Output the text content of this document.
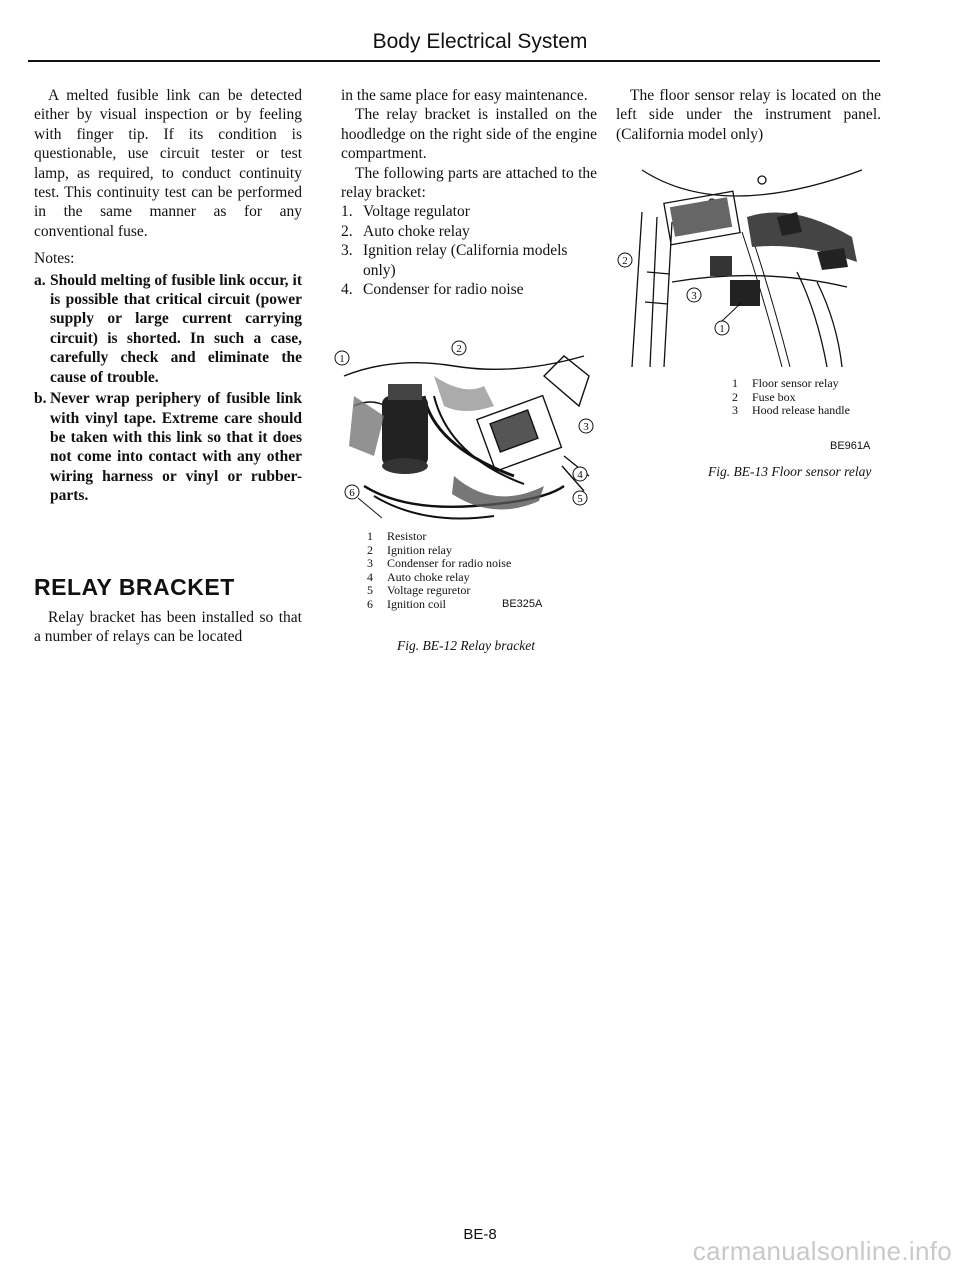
Body Electrical System

A melted fusible link can be detected either by visual inspection or by feeling with finger tip. If its condition is questionable, use circuit tester or test lamp, as required, to conduct continuity test. This continuity test can be performed in the same manner as for any conventional fuse.

Notes:

a. Should melting of fusible link occur, it is possible that critical circuit (power supply or large current carrying circuit) is shorted. In such a case, carefully check and eliminate the cause of trouble.
b. Never wrap periphery of fusible link with vinyl tape. Extreme care should be taken with this link so that it does not come into contact with any other wiring harness or vinyl or rubber-parts.
RELAY BRACKET
Relay bracket has been installed so that a number of relays can be located

in the same place for easy maintenance.

The relay bracket is installed on the hoodledge on the right side of the engine compartment.

The following parts are attached to the relay bracket:

1. Voltage regulator
2. Auto choke relay
3. Ignition relay (California models only)
4. Condenser for radio noise
1
2
3
4
5
6
1	Resistor
2	Ignition relay
3	Condenser for radio noise
4	Auto choke relay
5	Voltage reguretor
6	Ignition coil	BE325A
Fig. BE-12 Relay bracket

The floor sensor relay is located on the left side under the instrument panel. (California model only)

1
2
3
1	Floor sensor relay
2	Fuse box
3	Hood release handle
BE961A
Fig. BE-13 Floor sensor relay
BE-8
carmanualsonline.info
